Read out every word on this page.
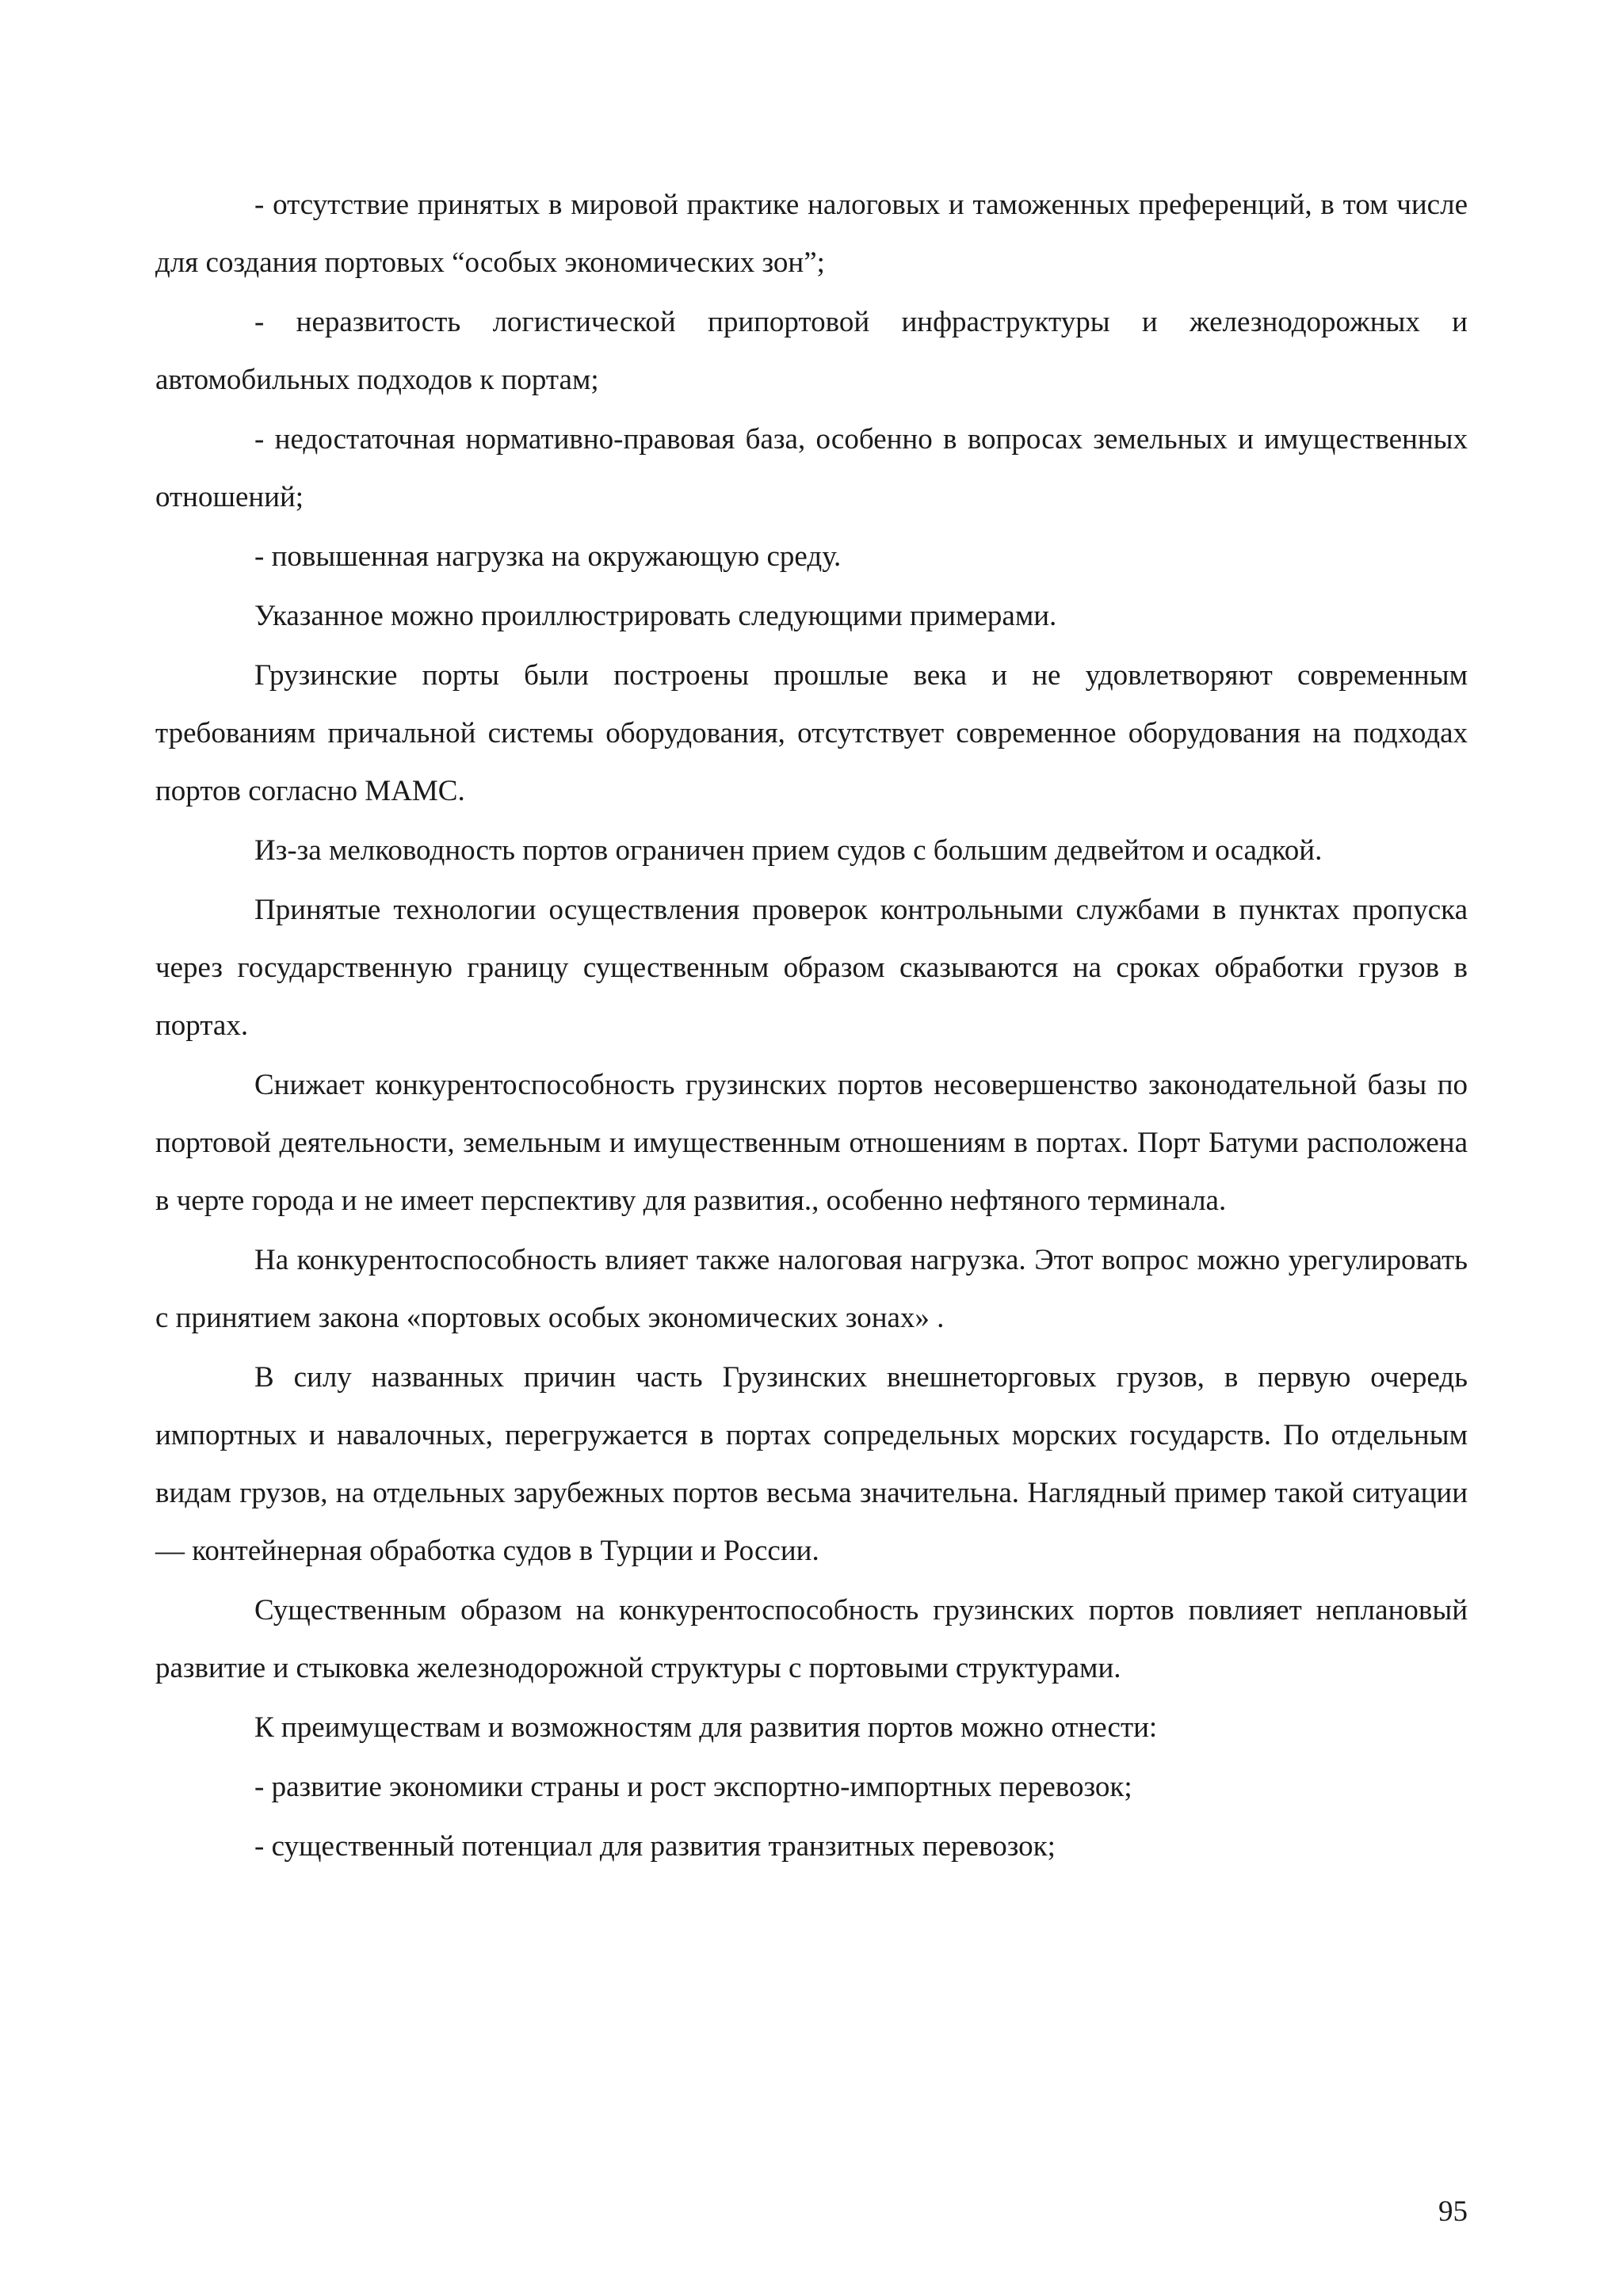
- отсутствие принятых в мировой практике налоговых и таможенных преференций, в том числе для создания портовых “особых экономических зон”;

- неразвитость логистической припортовой инфраструктуры и железнодорожных и автомобильных подходов к портам;

- недостаточная нормативно-правовая база, особенно в вопросах земельных и имущественных отношений;

- повышенная нагрузка на окружающую среду.

Указанное можно проиллюстрировать следующими примерами.

Грузинские порты были построены прошлые века и не удовлетворяют современным требованиям причальной системы оборудования, отсутствует современное оборудования на подходах портов согласно МАМС.

Из-за мелководность портов ограничен прием судов с большим дедвейтом и осадкой.

Принятые технологии осуществления проверок контрольными службами в пунктах пропуска через государственную границу существенным образом сказываются на сроках обработки грузов в портах.

Снижает конкурентоспособность грузинских портов несовершенство законодательной базы по портовой деятельности, земельным и имущественным отношениям в портах. Порт Батуми расположена в черте города и не имеет перспективу для развития., особенно нефтяного терминала.

На конкурентоспособность влияет также налоговая нагрузка. Этот вопрос можно урегулировать с принятием закона «портовых особых экономических зонах» .

В силу названных причин часть Грузинских внешнеторговых грузов, в первую очередь импортных и навалочных, перегружается в портах сопредельных морских государств. По отдельным видам грузов, на отдельных зарубежных портов весьма значительна. Наглядный пример такой ситуации — контейнерная обработка судов в Турции и России.

Существенным образом на конкурентоспособность грузинских портов повлияет неплановый развитие и стыковка железнодорожной структуры с портовыми структурами.

К преимуществам и возможностям для развития портов можно отнести:

- развитие экономики страны и рост экспортно-импортных перевозок;

- существенный потенциал для развития транзитных перевозок;

95
